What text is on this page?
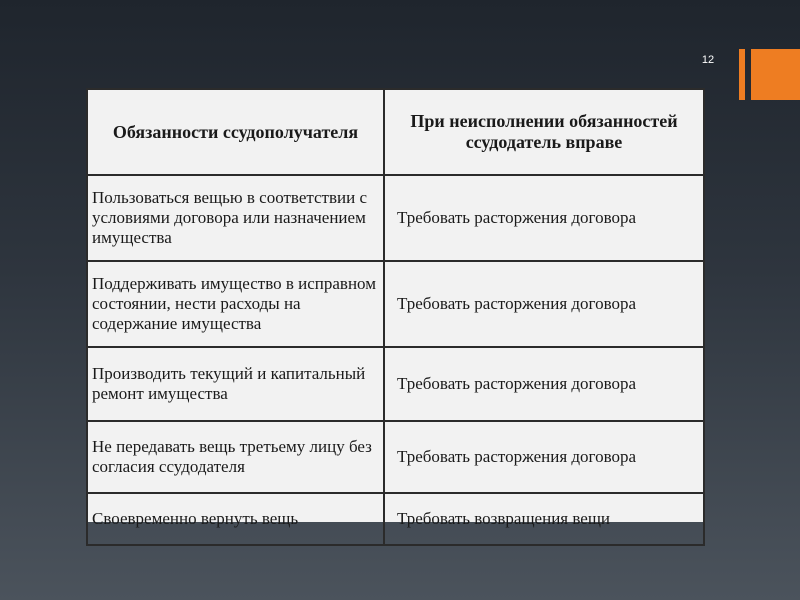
12
Обязанности ссудополучателя	При неисполнении обязанностей ссудодатель вправе
Пользоваться вещью в соответствии с условиями договора или назначением имущества	Требовать расторжения договора
Поддерживать имущество в исправном состоянии, нести расходы на содержание имущества	Требовать расторжения договора
Производить текущий и капитальный ремонт имущества	Требовать расторжения договора
Не передавать вещь третьему лицу без согласия ссудодателя	Требовать расторжения договора
Своевременно вернуть вещь	Требовать возвращения вещи
